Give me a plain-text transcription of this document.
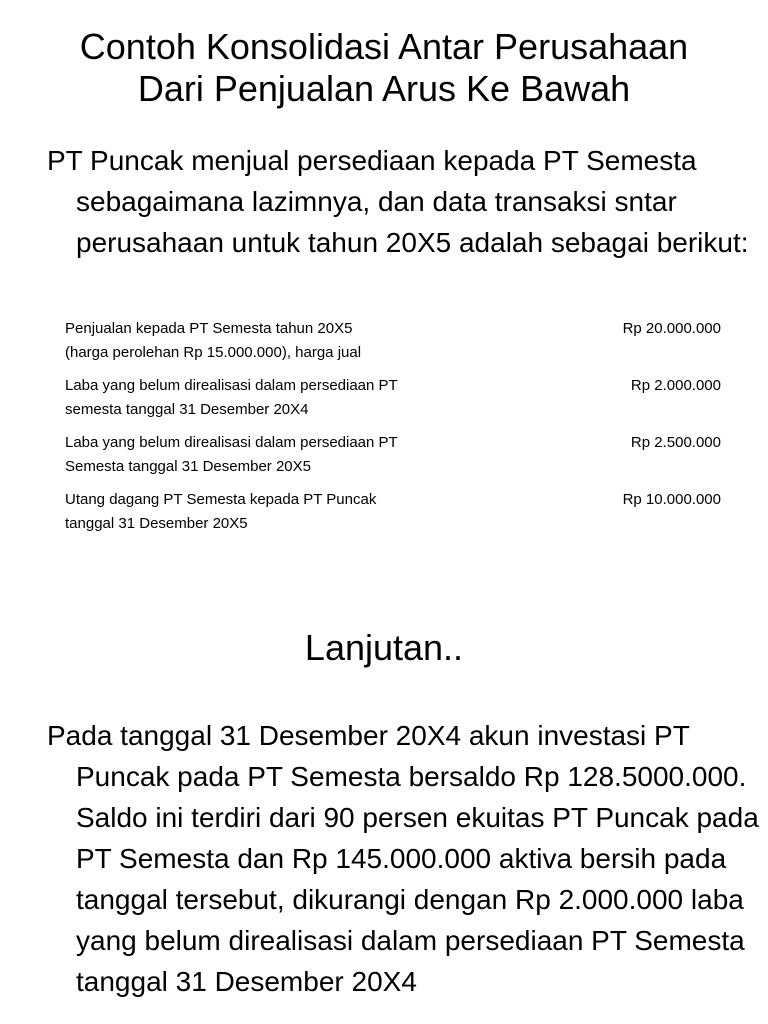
Contoh Konsolidasi Antar Perusahaan
Dari Penjualan Arus Ke Bawah

PT Puncak menjual persediaan kepada PT Semesta sebagaimana lazimnya, dan data transaksi sntar perusahaan untuk tahun 20X5 adalah sebagai berikut:

Penjualan kepada PT Semesta tahun 20X5
(harga perolehan Rp 15.000.000), harga jual
Rp 20.000.000
Laba yang belum direalisasi dalam persediaan PT
semesta tanggal 31 Desember 20X4
Rp 2.000.000
Laba yang belum direalisasi dalam persediaan PT
Semesta tanggal 31 Desember 20X5
Rp 2.500.000
Utang dagang PT Semesta kepada PT Puncak
tanggal 31 Desember 20X5
Rp 10.000.000
Lanjutan..

Pada tanggal 31 Desember 20X4 akun investasi PT Puncak pada PT Semesta bersaldo Rp 128.5000.000. Saldo ini terdiri dari 90 persen ekuitas PT Puncak pada PT Semesta dan Rp 145.000.000 aktiva bersih pada tanggal tersebut, dikurangi dengan Rp 2.000.000 laba yang belum direalisasi dalam persediaan PT Semesta tanggal 31 Desember 20X4
